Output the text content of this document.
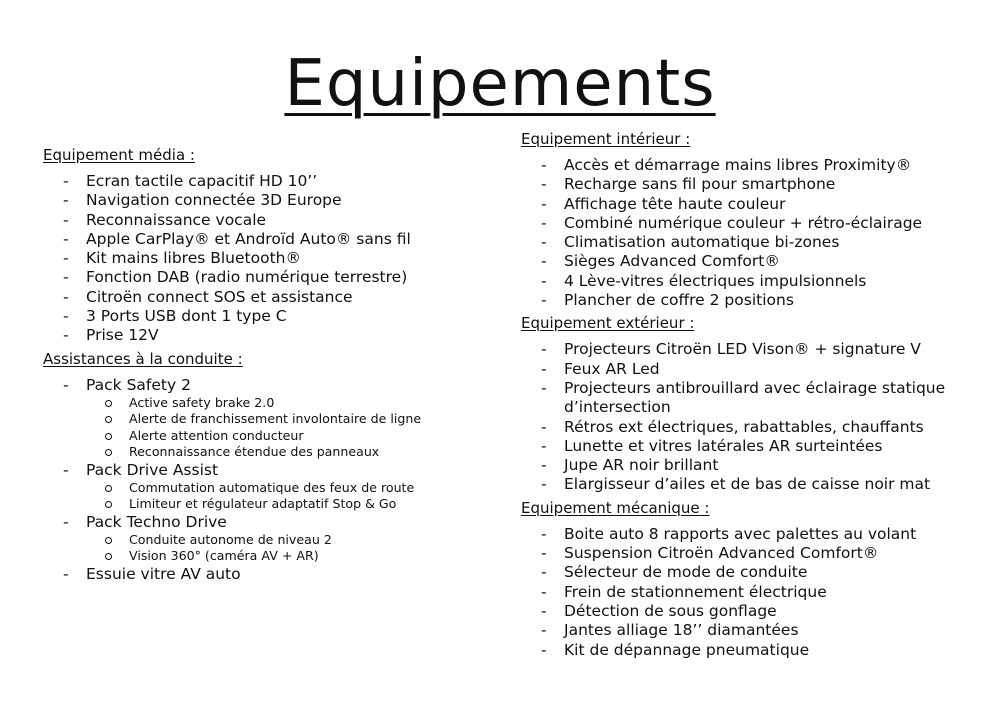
Equipements
Equipement média :
- Ecran tactile capacitif HD 10’’
- Navigation connectée 3D Europe
- Reconnaissance vocale
- Apple CarPlay® et Androïd Auto® sans fil
- Kit mains libres Bluetooth®
- Fonction DAB (radio numérique terrestre)
- Citroën connect SOS et assistance
- 3 Ports USB dont 1 type C
- Prise 12V
Assistances à la conduite :
- Pack Safety 2
Active safety brake 2.0
Alerte de franchissement involontaire de ligne
Alerte attention conducteur
Reconnaissance étendue des panneaux
- Pack Drive Assist
Commutation automatique des feux de route
Limiteur et régulateur adaptatif Stop & Go
- Pack Techno Drive
Conduite autonome de niveau 2
Vision 360° (caméra AV + AR)
- Essuie vitre AV auto
Equipement intérieur :
- Accès et démarrage mains libres Proximity®
- Recharge sans fil pour smartphone
- Affichage tête haute couleur
- Combiné numérique couleur + rétro-éclairage
- Climatisation automatique bi-zones
- Sièges Advanced Comfort®
- 4 Lève-vitres électriques impulsionnels
- Plancher de coffre 2 positions
Equipement extérieur :
- Projecteurs Citroën LED Vison® + signature V
- Feux AR Led
- Projecteurs antibrouillard avec éclairage statique d’intersection
- Rétros ext électriques, rabattables, chauffants
- Lunette et vitres latérales AR surteintées
- Jupe AR noir brillant
- Elargisseur d’ailes et de bas de caisse noir mat
Equipement mécanique :
- Boite auto 8 rapports avec palettes au volant
- Suspension Citroën Advanced Comfort®
- Sélecteur de mode de conduite
- Frein de stationnement électrique
- Détection de sous gonflage
- Jantes alliage 18’’ diamantées
- Kit de dépannage pneumatique
